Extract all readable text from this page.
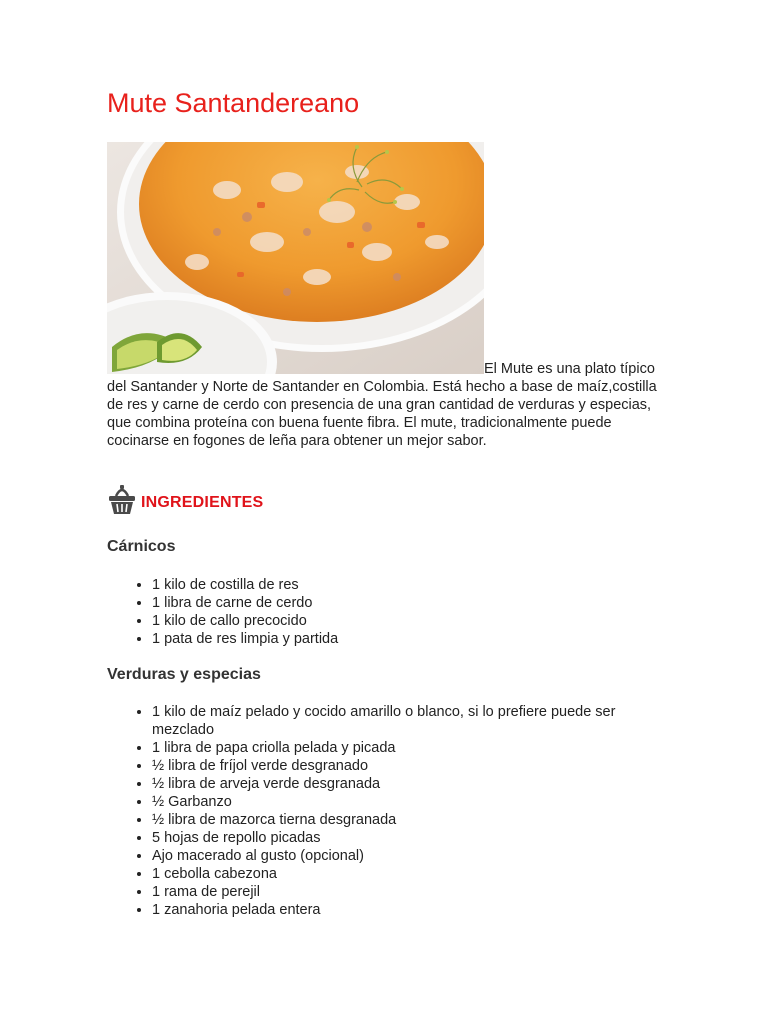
Mute Santandereano

El Mute es una plato típico
del Santander y Norte de Santander en Colombia. Está hecho a base de maíz,costilla de res y carne de cerdo con presencia de una gran cantidad de verduras y especias, que combina proteína con buena fuente fibra. El mute, tradicionalmente puede cocinarse en fogones de leña para obtener un mejor sabor.

INGREDIENTES
Cárnicos
• 1 kilo de costilla de res
• 1 libra de carne de cerdo
• 1 kilo de callo precocido
• 1 pata de res limpia y partida
Verduras y especias
• 1 kilo de maíz pelado y cocido amarillo o blanco, si lo prefiere puede ser mezclado
• 1 libra de papa criolla pelada y picada
• ½ libra de fríjol verde desgranado
• ½ libra de arveja verde desgranada
• ½ Garbanzo
• ½ libra de mazorca tierna desgranada
• 5 hojas de repollo picadas
• Ajo macerado al gusto (opcional)
• 1 cebolla cabezona
• 1 rama de perejil
• 1 zanahoria pelada entera
